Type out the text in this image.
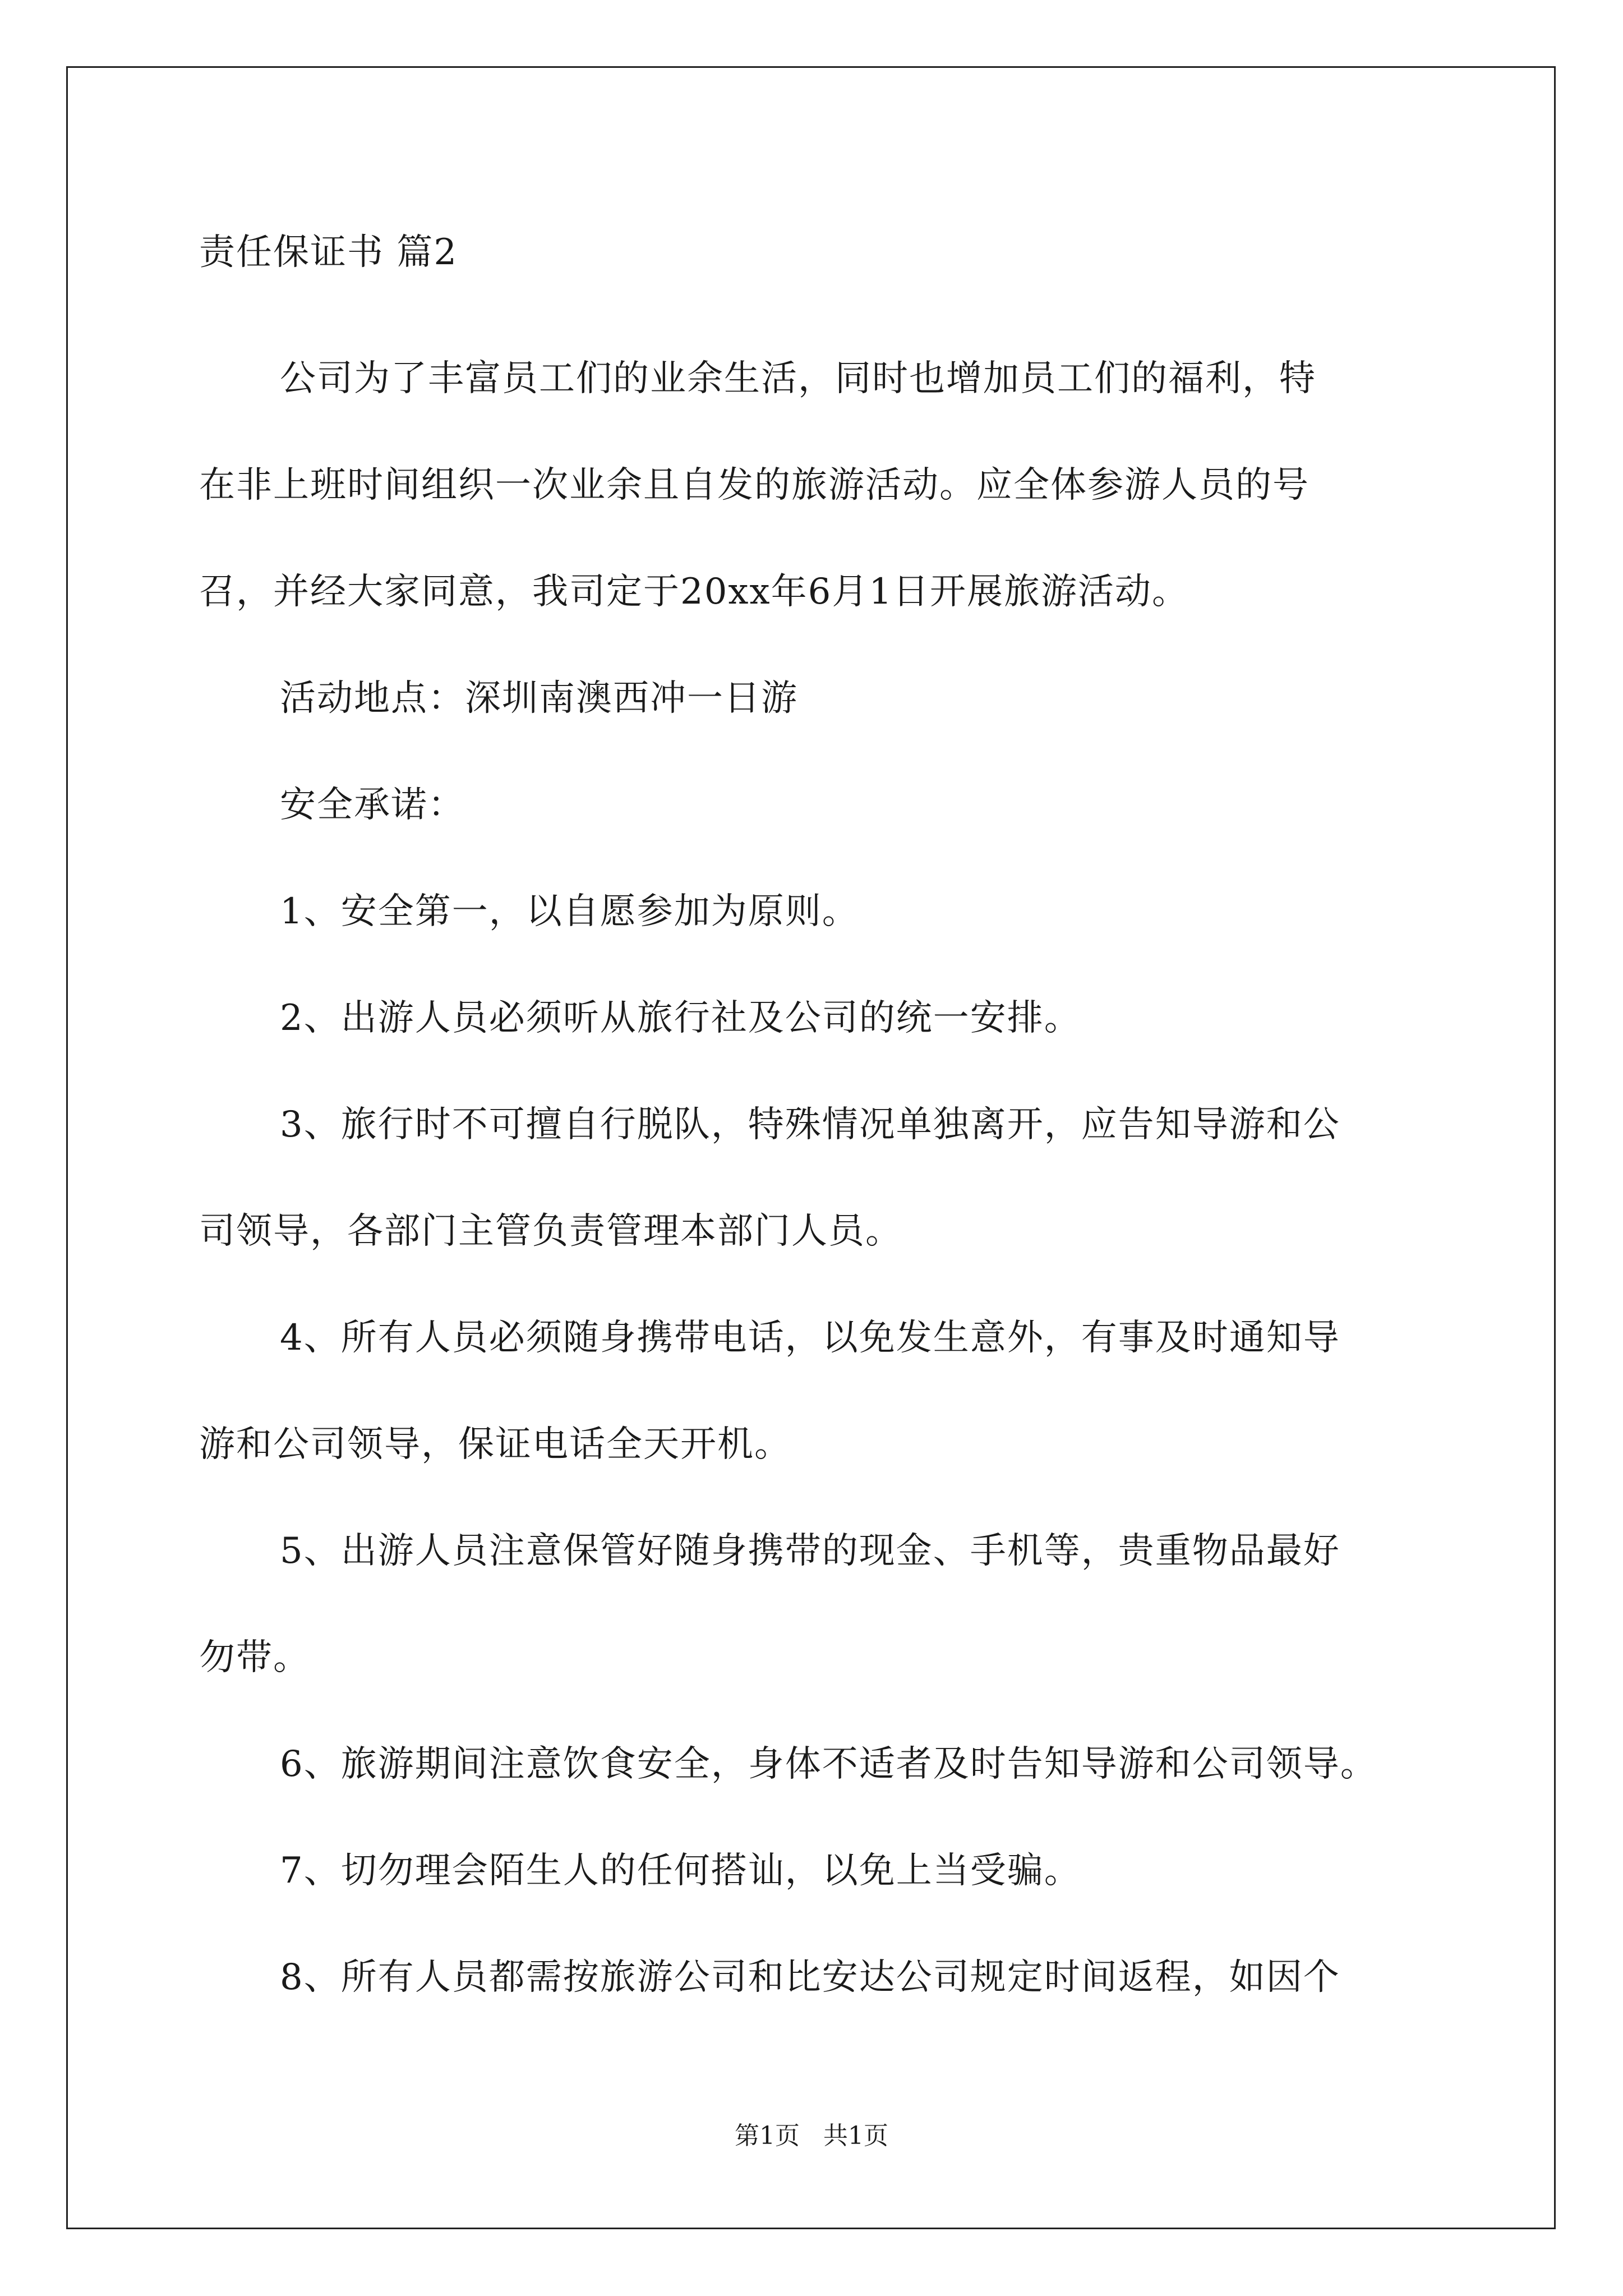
责任保证书 篇2

公司为了丰富员工们的业余生活，同时也增加员工们的福利，特
在非上班时间组织一次业余且自发的旅游活动。应全体参游人员的号
召，并经大家同意，我司定于20xx年6月1日开展旅游活动。

活动地点：深圳南澳西冲一日游

安全承诺：

1、安全第一，以自愿参加为原则。

2、出游人员必须听从旅行社及公司的统一安排。

3、旅行时不可擅自行脱队，特殊情况单独离开，应告知导游和公
司领导，各部门主管负责管理本部门人员。

4、所有人员必须随身携带电话，以免发生意外，有事及时通知导
游和公司领导，保证电话全天开机。

5、出游人员注意保管好随身携带的现金、手机等，贵重物品最好
勿带。

6、旅游期间注意饮食安全，身体不适者及时告知导游和公司领导。

7、切勿理会陌生人的任何搭讪，以免上当受骗。

8、所有人员都需按旅游公司和比安达公司规定时间返程，如因个

第1页   共1页
